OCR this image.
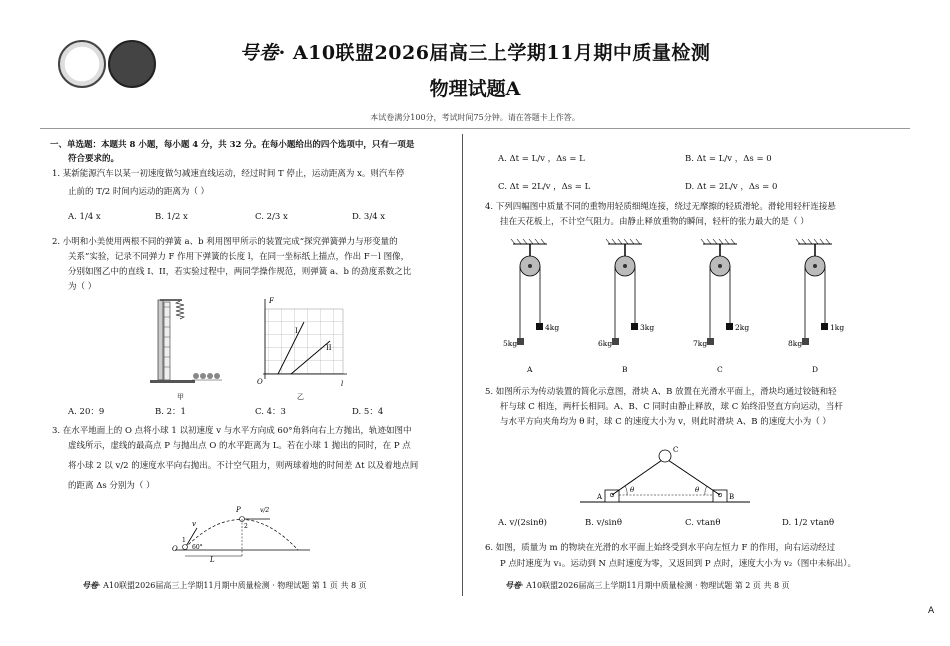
号卷· A10联盟2026届高三上学期11月期中质量检测
物理试题A
本试卷满分100分，考试时间75分钟。请在答题卡上作答。
一、单选题：本题共 8 小题，每小题 4 分，共 32 分。在每小题给出的四个选项中，只有一项是
符合要求的。
1. 某新能源汽车以某一初速度做匀减速直线运动，经过时间 T 停止，运动距离为 x。则汽车停
止前的 T/2 时间内运动的距离为（ ）
A. 1/4 x	B. 1/2 x	C. 2/3 x	D. 3/4 x
2. 小明和小美使用两根不同的弹簧 a、b 利用图甲所示的装置完成“探究弹簧弹力与形变量的
关系”实验，记录不同弹力 F 作用下弹簧的长度 l，在同一坐标纸上描点，作出 F－l 图像，
分别如图乙中的直线 I、II，若实验过程中，两同学操作规范，则弹簧 a、b 的劲度系数之比
为（ ）
甲
F
l
O
I
II
乙
A. 20：9	B. 2：1	C. 4：3	D. 5：4
3. 在水平地面上的 O 点将小球 1 以初速度 v 与水平方向成 60°角斜向右上方抛出，轨迹如图中
虚线所示，虚线的最高点 P 与抛出点 O 的水平距离为 L。若在小球 1 抛出的同时，在 P 点
将小球 2 以 v/2 的速度水平向右抛出。不计空气阻力，则两球着地的时间差 Δt 以及着地点间
的距离 Δs 分别为（ ）
O
P
v
v/2
60°
L
1
2
号卷· A10联盟2026届高三上学期11月期中质量检测 · 物理试题 第 1 页 共 8 页
A. Δt = L/v ，Δs = L	B. Δt = L/v ，Δs = 0
C. Δt = 2L/v ，Δs = L	D. Δt = 2L/v ，Δs = 0
4. 下列四幅图中质量不同的重物用轻质细绳连接，绕过无摩擦的轻质滑轮。滑轮用轻杆连接悬
挂在天花板上，不计空气阻力。由静止释放重物的瞬间，轻杆的张力最大的是（ ）
5kg
4kg
A
6kg
3kg
B
7kg
2kg
C
8kg
1kg
D
5. 如图所示为传动装置的简化示意图，滑块 A、B 放置在光滑水平面上，滑块均通过铰链和轻
杆与球 C 相连，两杆长相同。A、B、C 同时由静止释放，球 C 始终沿竖直方向运动，当杆
与水平方向夹角均为 θ 时，球 C 的速度大小为 v，则此时滑块 A、B 的速度大小为（ ）
A	B
C
θ	θ
A. v/(2sinθ)	B. v/sinθ	C. vtanθ	D. 1/2 vtanθ
6. 如图，质量为 m 的物块在光滑的水平面上始终受到水平向左恒力 F 的作用，向右运动经过
P 点时速度为 v₁。运动到 N 点时速度为零，又返回到 P 点时，速度大小为 v₂（图中未标出）。
号卷· A10联盟2026届高三上学期11月期中质量检测 · 物理试题 第 2 页 共 8 页
A
